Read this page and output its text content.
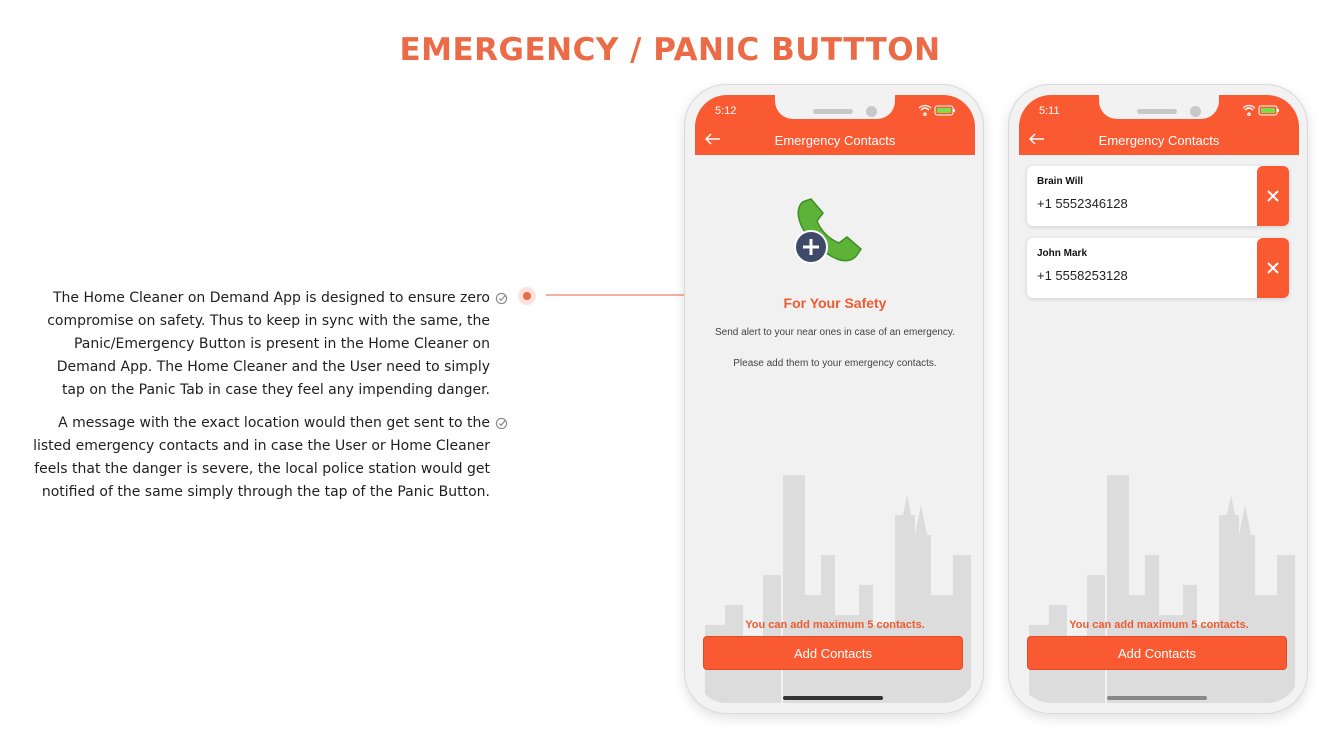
EMERGENCY / PANIC BUTTTON

The Home Cleaner on Demand App is designed to ensure zero compromise on safety. Thus to keep in sync with the same, the Panic/Emergency Button is present in the Home Cleaner on Demand App. The Home Cleaner and the User need to simply tap on the Panic Tab in case they feel any impending danger.

A message with the exact location would then get sent to the listed emergency contacts and in case the User or Home Cleaner feels that the danger is severe, the local police station would get notified of the same simply through the tap of the Panic Button.

5:12
Emergency Contacts
For Your Safety
Send alert to your near ones in case of an emergency.
Please add them to your emergency contacts.
You can add maximum 5 contacts.
Add Contacts
5:11
Emergency Contacts
Brain Will
+1 5552346128
John Mark
+1 5558253128
You can add maximum 5 contacts.
Add Contacts
